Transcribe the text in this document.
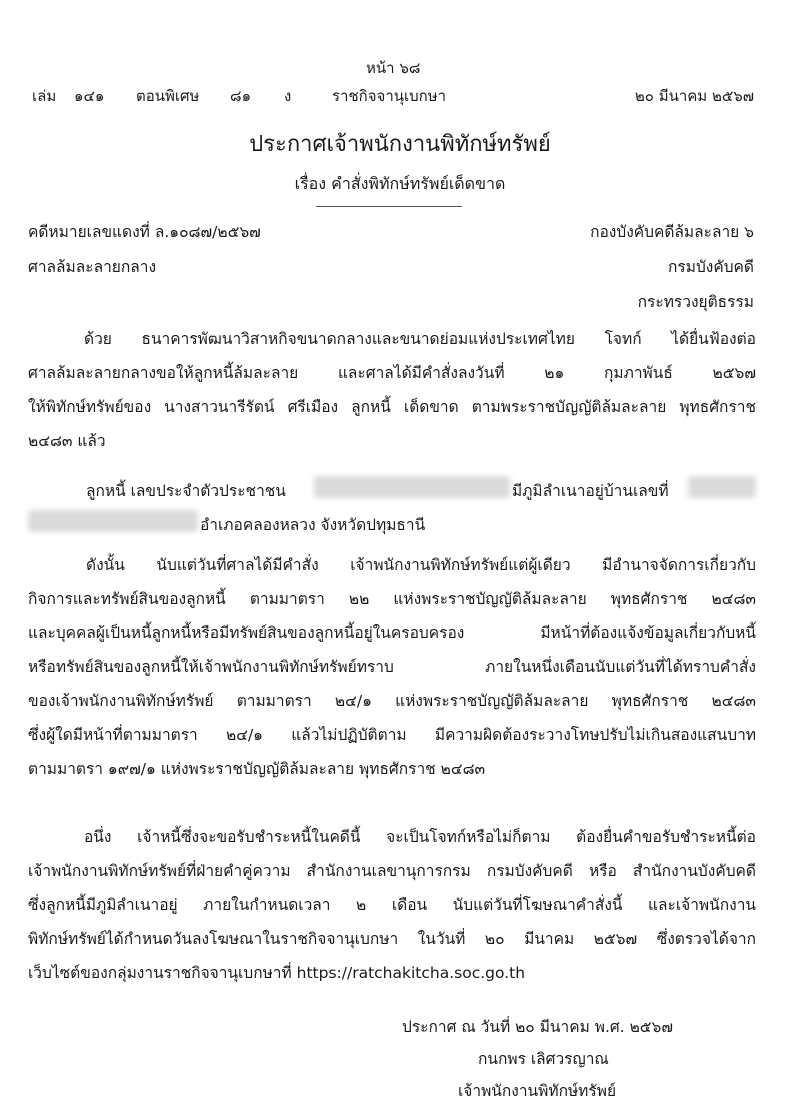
หน้า ๖๘
เล่ม ๑๔๑ ตอนพิเศษ ๘๑ ง	ราชกิจจานุเบกษา	๒๐ มีนาคม ๒๕๖๗
ประกาศเจ้าพนักงานพิทักษ์ทรัพย์
เรื่อง คำสั่งพิทักษ์ทรัพย์เด็ดขาด
คดีหมายเลขแดงที่ ล.๑๐๘๗/๒๕๖๗
ศาลล้มละลายกลาง
กองบังคับคดีล้มละลาย ๖
กรมบังคับคดี
กระทรวงยุติธรรม
ด้วย ธนาคารพัฒนาวิสาหกิจขนาดกลางและขนาดย่อมแห่งประเทศไทย โจทก์ ได้ยื่นฟ้องต่อ
ศาลล้มละลายกลางขอให้ลูกหนี้ล้มละลาย และศาลได้มีคำสั่งลงวันที่ ๒๑ กุมภาพันธ์ ๒๕๖๗
ให้พิทักษ์ทรัพย์ของ นางสาวนารีรัตน์ ศรีเมือง ลูกหนี้ เด็ดขาด ตามพระราชบัญญัติล้มละลาย พุทธศักราช
๒๔๘๓ แล้ว
ลูกหนี้ เลขประจำตัวประชาชน	มีภูมิลำเนาอยู่บ้านเลขที่
อำเภอคลองหลวง จังหวัดปทุมธานี
ดังนั้น นับแต่วันที่ศาลได้มีคำสั่ง เจ้าพนักงานพิทักษ์ทรัพย์แต่ผู้เดียว มีอำนาจจัดการเกี่ยวกับ
กิจการและทรัพย์สินของลูกหนี้ ตามมาตรา ๒๒ แห่งพระราชบัญญัติล้มละลาย พุทธศักราช ๒๔๘๓
และบุคคลผู้เป็นหนี้ลูกหนี้หรือมีทรัพย์สินของลูกหนี้อยู่ในครอบครอง มีหน้าที่ต้องแจ้งข้อมูลเกี่ยวกับหนี้
หรือทรัพย์สินของลูกหนี้ให้เจ้าพนักงานพิทักษ์ทรัพย์ทราบ ภายในหนึ่งเดือนนับแต่วันที่ได้ทราบคำสั่ง
ของเจ้าพนักงานพิทักษ์ทรัพย์ ตามมาตรา ๒๔/๑ แห่งพระราชบัญญัติล้มละลาย พุทธศักราช ๒๔๘๓
ซึ่งผู้ใดมีหน้าที่ตามมาตรา ๒๔/๑ แล้วไม่ปฏิบัติตาม มีความผิดต้องระวางโทษปรับไม่เกินสองแสนบาท
ตามมาตรา ๑๙๗/๑ แห่งพระราชบัญญัติล้มละลาย พุทธศักราช ๒๔๘๓
อนึ่ง เจ้าหนี้ซึ่งจะขอรับชำระหนี้ในคดีนี้ จะเป็นโจทก์หรือไม่ก็ตาม ต้องยื่นคำขอรับชำระหนี้ต่อ
เจ้าพนักงานพิทักษ์ทรัพย์ที่ฝ่ายคำคู่ความ สำนักงานเลขานุการกรม กรมบังคับคดี หรือ สำนักงานบังคับคดี
ซึ่งลูกหนี้มีภูมิลำเนาอยู่ ภายในกำหนดเวลา ๒ เดือน นับแต่วันที่โฆษณาคำสั่งนี้ และเจ้าพนักงาน
พิทักษ์ทรัพย์ได้กำหนดวันลงโฆษณาในราชกิจจานุเบกษา ในวันที่ ๒๐ มีนาคม ๒๕๖๗ ซึ่งตรวจได้จาก
เว็บไซต์ของกลุ่มงานราชกิจจานุเบกษาที่ https://ratchakitcha.soc.go.th
ประกาศ ณ วันที่ ๒๐ มีนาคม พ.ศ. ๒๕๖๗
กนกพร เลิศวรญาณ
เจ้าพนักงานพิทักษ์ทรัพย์
